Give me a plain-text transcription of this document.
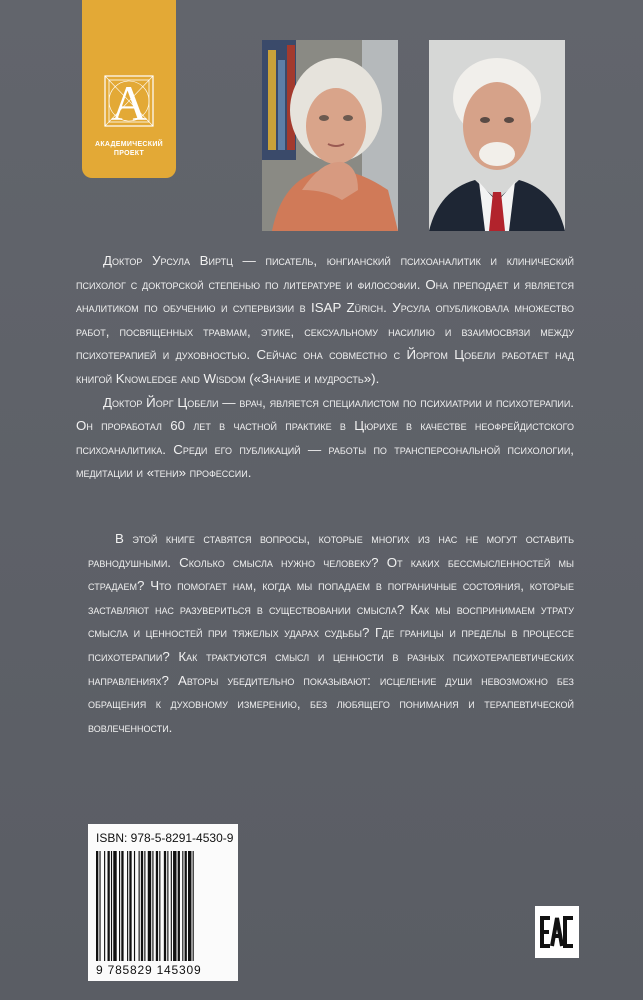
А
АКАДЕМИЧЕСКИЙ
ПРОЕКТ

Доктор Урсула Виртц — писатель, юнгианский психоаналитик и клинический психолог с докторской степенью по литературе и философии. Она преподает и является аналитиком по обучению и супервизии в ISAP Zürich. Урсула опубликовала множество работ, посвященных травмам, этике, сексуальному насилию и взаимосвязи между психотерапией и духовностью. Сейчас она совместно с Йоргом Цобели работает над книгой Knowledge and Wisdom («Знание и мудрость»).

Доктор Йорг Цобели — врач, является специалистом по психиатрии и психотерапии. Он проработал 60 лет в частной практике в Цюрихе в качестве неофрейдистского психоаналитика. Среди его публикаций — работы по трансперсональной психологии, медитации и «тени» профессии.

В этой книге ставятся вопросы, которые многих из нас не могут оставить равнодушными. Сколько смысла нужно человеку? От каких бессмысленностей мы страдаем? Что помогает нам, когда мы попадаем в пограничные состояния, которые заставляют нас разувериться в существовании смысла? Как мы воспринимаем утрату смысла и ценностей при тяжелых ударах судьбы? Где границы и пределы в процессе психотерапии? Как трактуются смысл и ценности в разных психотерапевтических направлениях? Авторы убедительно показывают: исцеление души невозможно без обращения к духовному измерению, без любящего понимания и терапевтической вовлеченности.

ISBN: 978-5-8291-4530-9
9 785829 145309
